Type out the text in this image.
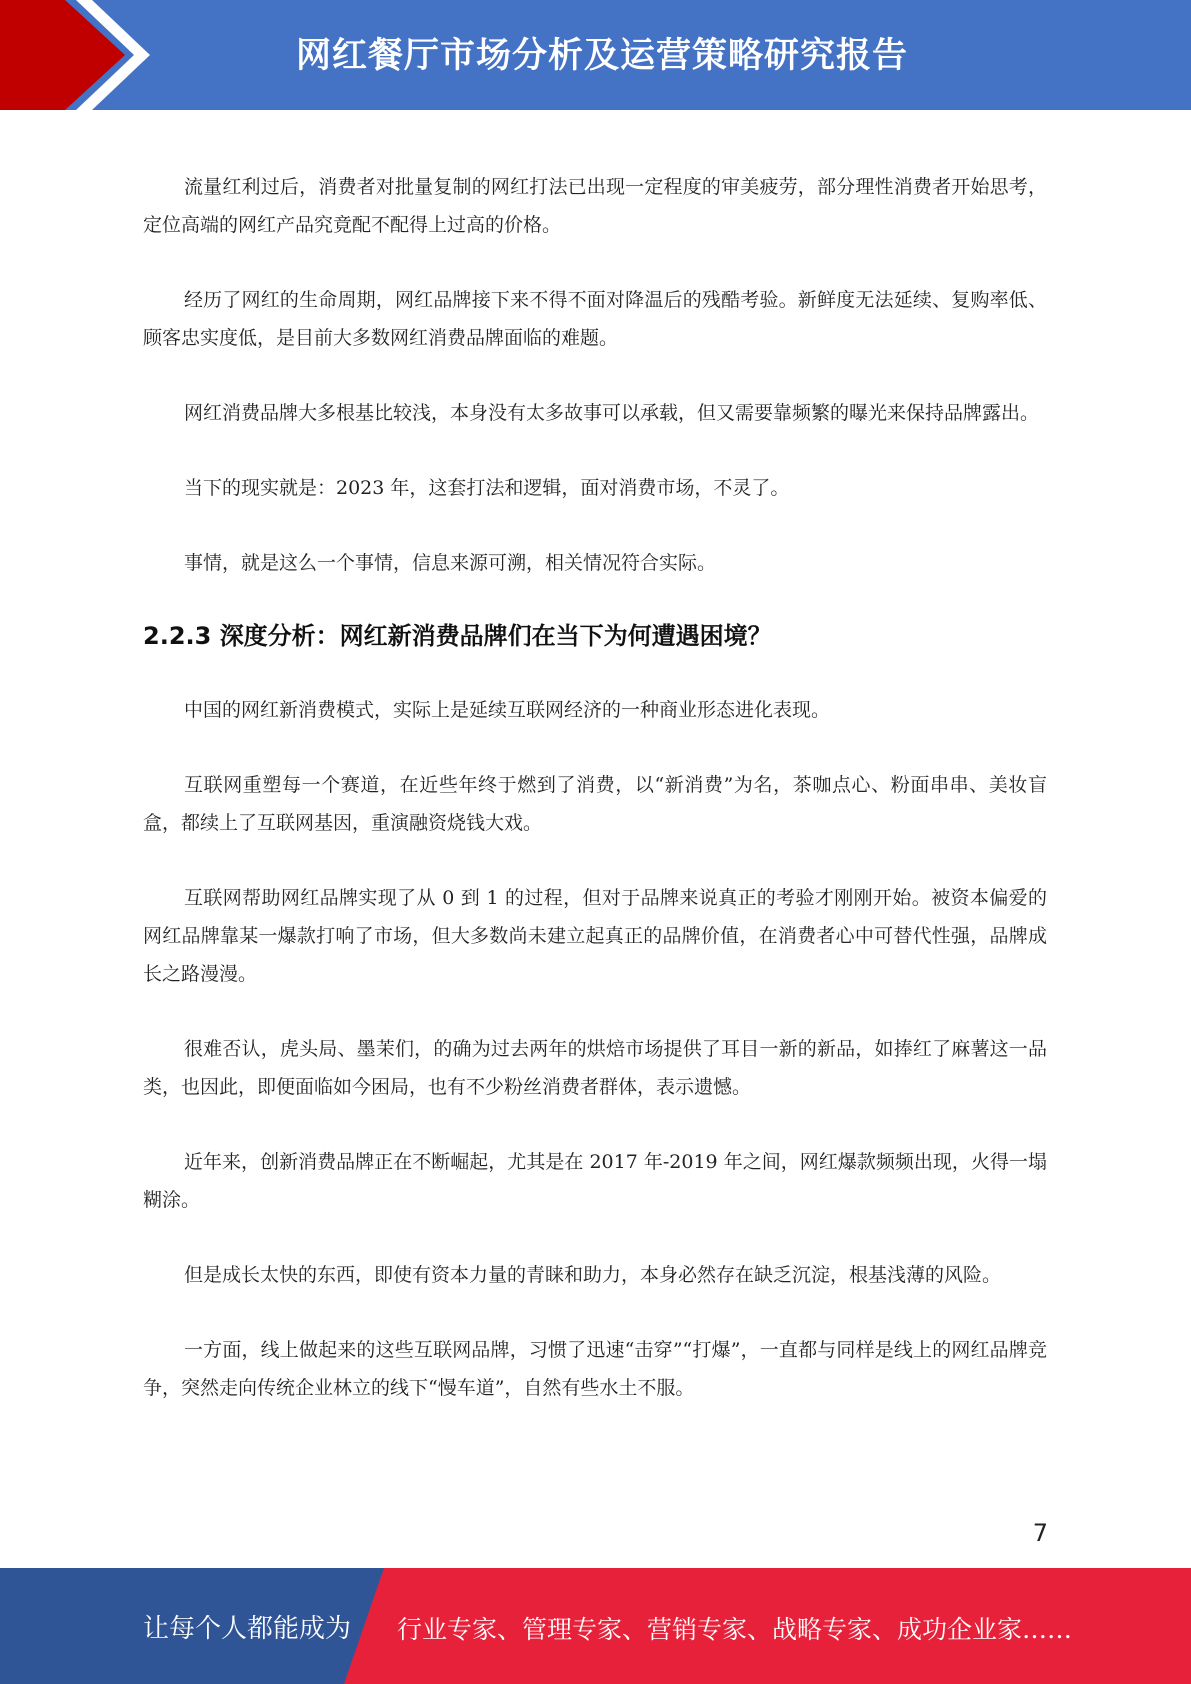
网红餐厅市场分析及运营策略研究报告

流量红利过后，消费者对批量复制的网红打法已出现一定程度的审美疲劳，部分理性消费者开始思考，定位高端的网红产品究竟配不配得上过高的价格。

经历了网红的生命周期，网红品牌接下来不得不面对降温后的残酷考验。新鲜度无法延续、复购率低、顾客忠实度低，是目前大多数网红消费品牌面临的难题。

网红消费品牌大多根基比较浅，本身没有太多故事可以承载，但又需要靠频繁的曝光来保持品牌露出。

当下的现实就是：2023 年，这套打法和逻辑，面对消费市场，不灵了。

事情，就是这么一个事情，信息来源可溯，相关情况符合实际。

2.2.3 深度分析：网红新消费品牌们在当下为何遭遇困境？

中国的网红新消费模式，实际上是延续互联网经济的一种商业形态进化表现。

互联网重塑每一个赛道，在近些年终于燃到了消费，以“新消费”为名，茶咖点心、粉面串串、美妆盲盒，都续上了互联网基因，重演融资烧钱大戏。

互联网帮助网红品牌实现了从 0 到 1 的过程，但对于品牌来说真正的考验才刚刚开始。被资本偏爱的网红品牌靠某一爆款打响了市场，但大多数尚未建立起真正的品牌价值，在消费者心中可替代性强，品牌成长之路漫漫。

很难否认，虎头局、墨茉们，的确为过去两年的烘焙市场提供了耳目一新的新品，如捧红了麻薯这一品类，也因此，即便面临如今困局，也有不少粉丝消费者群体，表示遗憾。

近年来，创新消费品牌正在不断崛起，尤其是在 2017 年-2019 年之间，网红爆款频频出现，火得一塌糊涂。

但是成长太快的东西，即使有资本力量的青睐和助力，本身必然存在缺乏沉淀，根基浅薄的风险。

一方面，线上做起来的这些互联网品牌，习惯了迅速“击穿”“打爆”，一直都与同样是线上的网红品牌竞争，突然走向传统企业林立的线下“慢车道”，自然有些水土不服。

7
让每个人都能成为 行业专家、管理专家、营销专家、战略专家、成功企业家……
